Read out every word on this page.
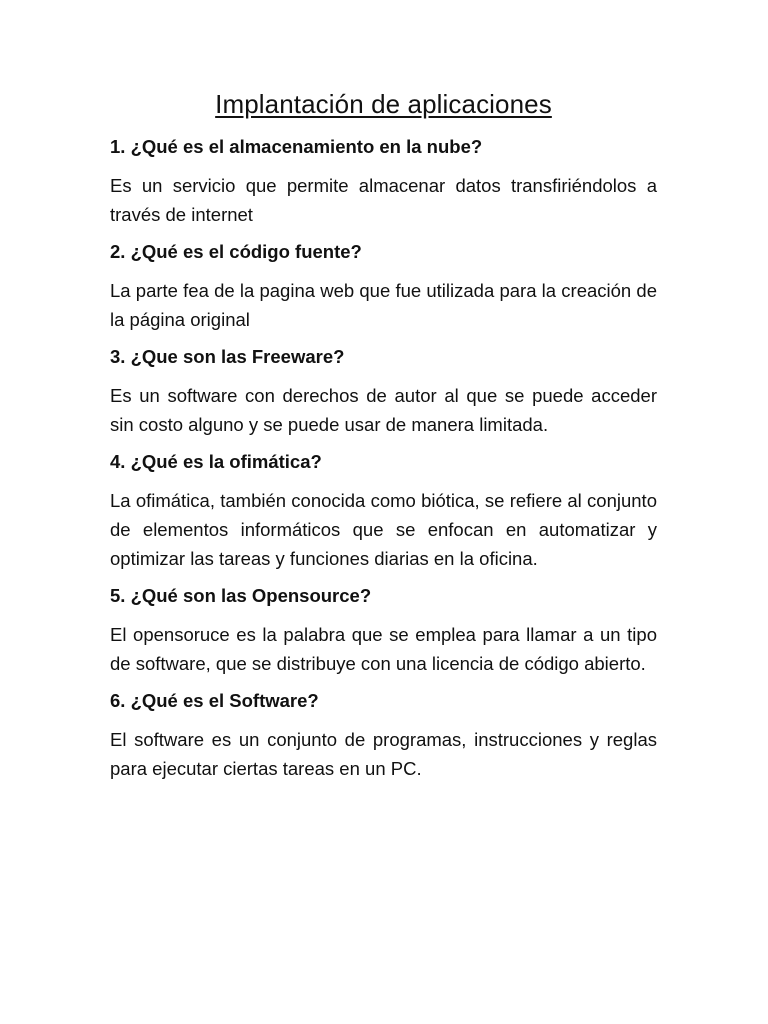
Implantación de aplicaciones

1. ¿Qué es el almacenamiento en la nube?

Es un servicio que permite almacenar datos transfiriéndolos a través de internet

2. ¿Qué es el código fuente?

La parte fea de la pagina web que fue utilizada para la creación de la página original

3. ¿Que son las Freeware?

Es un software con derechos de autor al que se puede acceder sin costo alguno y se puede usar de manera limitada.

4. ¿Qué es la ofimática?

La ofimática, también conocida como biótica, se refiere al conjunto de elementos informáticos que se enfocan en automatizar y optimizar las tareas y funciones diarias en la oficina.

5. ¿Qué son las Opensource?

El opensoruce es la palabra que se emplea para llamar a un tipo de software, que se distribuye con una licencia de código abierto.

6. ¿Qué es el Software?

El software es un conjunto de programas, instrucciones y reglas para ejecutar ciertas tareas en un PC.
